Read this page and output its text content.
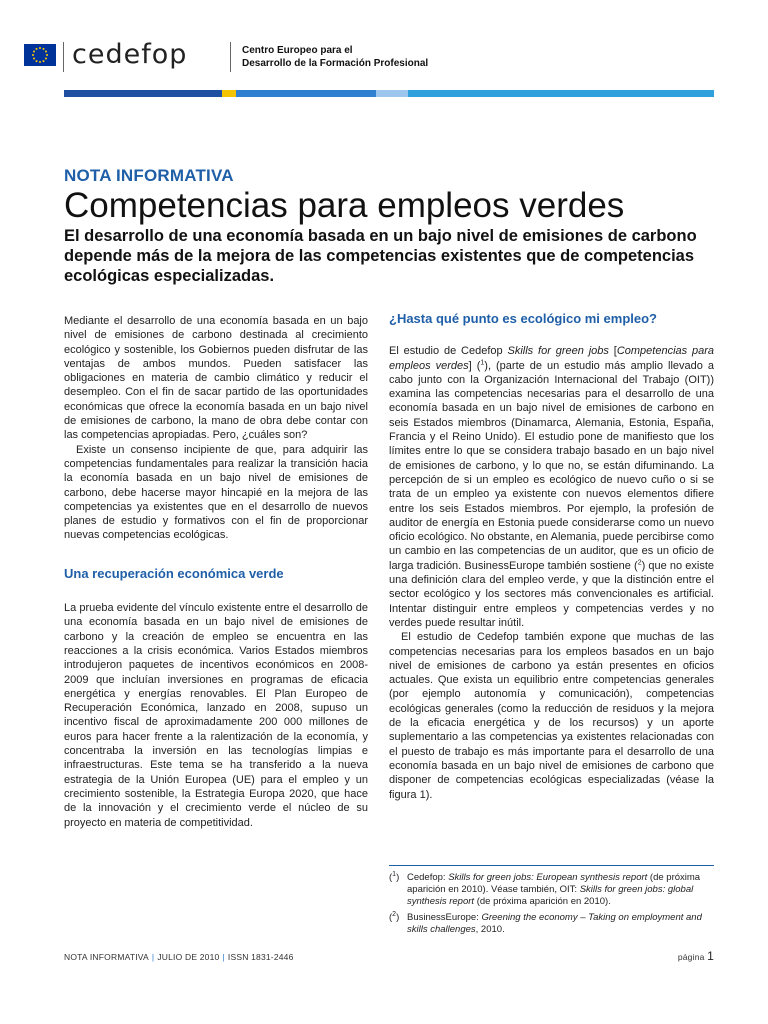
cedefop	Centro Europeo para el
Desarrollo de la Formación Profesional
NOTA INFORMATIVA
Competencias para empleos verdes
El desarrollo de una economía basada en un bajo nivel de emisiones de carbono depende más de la mejora de las competencias existentes que de competencias ecológicas especializadas.

Mediante el desarrollo de una economía basada en un bajo nivel de emisiones de carbono destinada al crecimiento ecológico y sostenible, los Gobiernos pueden disfrutar de las ventajas de ambos mundos. Pueden satisfacer las obligaciones en materia de cambio climático y reducir el desempleo. Con el fin de sacar partido de las oportunidades económicas que ofrece la economía basada en un bajo nivel de emisiones de carbono, la mano de obra debe contar con las competencias apropiadas. Pero, ¿cuáles son?

Existe un consenso incipiente de que, para adquirir las competencias fundamentales para realizar la transición hacia la economía basada en un bajo nivel de emisiones de carbono, debe hacerse mayor hincapié en la mejora de las competencias ya existentes que en el desarrollo de nuevos planes de estudio y formativos con el fin de proporcionar nuevas competencias ecológicas.

Una recuperación económica verde

La prueba evidente del vínculo existente entre el desarrollo de una economía basada en un bajo nivel de emisiones de carbono y la creación de empleo se encuentra en las reacciones a la crisis económica. Varios Estados miembros introdujeron paquetes de incentivos económicos en 2008-2009 que incluían inversiones en programas de eficacia energética y energías renovables. El Plan Europeo de Recuperación Económica, lanzado en 2008, supuso un incentivo fiscal de aproximadamente 200 000 millones de euros para hacer frente a la ralentización de la economía, y concentraba la inversión en las tecnologías limpias e infraestructuras. Este tema se ha transferido a la nueva estrategia de la Unión Europea (UE) para el empleo y un crecimiento sostenible, la Estrategia Europa 2020, que hace de la innovación y el crecimiento verde el núcleo de su proyecto en materia de competitividad.

¿Hasta qué punto es ecológico mi empleo?

El estudio de Cedefop Skills for green jobs [Competencias para empleos verdes] ($^1$), (parte de un estudio más amplio llevado a cabo junto con la Organización Internacional del Trabajo (OIT)) examina las competencias necesarias para el desarrollo de una economía basada en un bajo nivel de emisiones de carbono en seis Estados miembros (Dinamarca, Alemania, Estonia, España, Francia y el Reino Unido). El estudio pone de manifiesto que los límites entre lo que se considera trabajo basado en un bajo nivel de emisiones de carbono, y lo que no, se están difuminando. La percepción de si un empleo es ecológico de nuevo cuño o si se trata de un empleo ya existente con nuevos elementos difiere entre los seis Estados miembros. Por ejemplo, la profesión de auditor de energía en Estonia puede considerarse como un nuevo oficio ecológico. No obstante, en Alemania, puede percibirse como un cambio en las competencias de un auditor, que es un oficio de larga tradición. BusinessEurope también sostiene ($^2$) que no existe una definición clara del empleo verde, y que la distinción entre el sector ecológico y los sectores más convencionales es artificial. Intentar distinguir entre empleos y competencias verdes y no verdes puede resultar inútil.

El estudio de Cedefop también expone que muchas de las competencias necesarias para los empleos basados en un bajo nivel de emisiones de carbono ya están presentes en oficios actuales. Que exista un equilibrio entre competencias generales (por ejemplo autonomía y comunicación), competencias ecológicas generales (como la reducción de residuos y la mejora de la eficacia energética y de los recursos) y un aporte suplementario a las competencias ya existentes relacionadas con el puesto de trabajo es más importante para el desarrollo de una economía basada en un bajo nivel de emisiones de carbono que disponer de competencias ecológicas especializadas (véase la figura 1).

($^1$) Cedefop: Skills for green jobs: European synthesis report (de próxima aparición en 2010). Véase también, OIT: Skills for green jobs: global synthesis report (de próxima aparición en 2010).
($^2$) BusinessEurope: Greening the economy – Taking on employment and skills challenges, 2010.
NOTA INFORMATIVA | JULIO DE 2010 | ISSN 1831-2446	página 1
